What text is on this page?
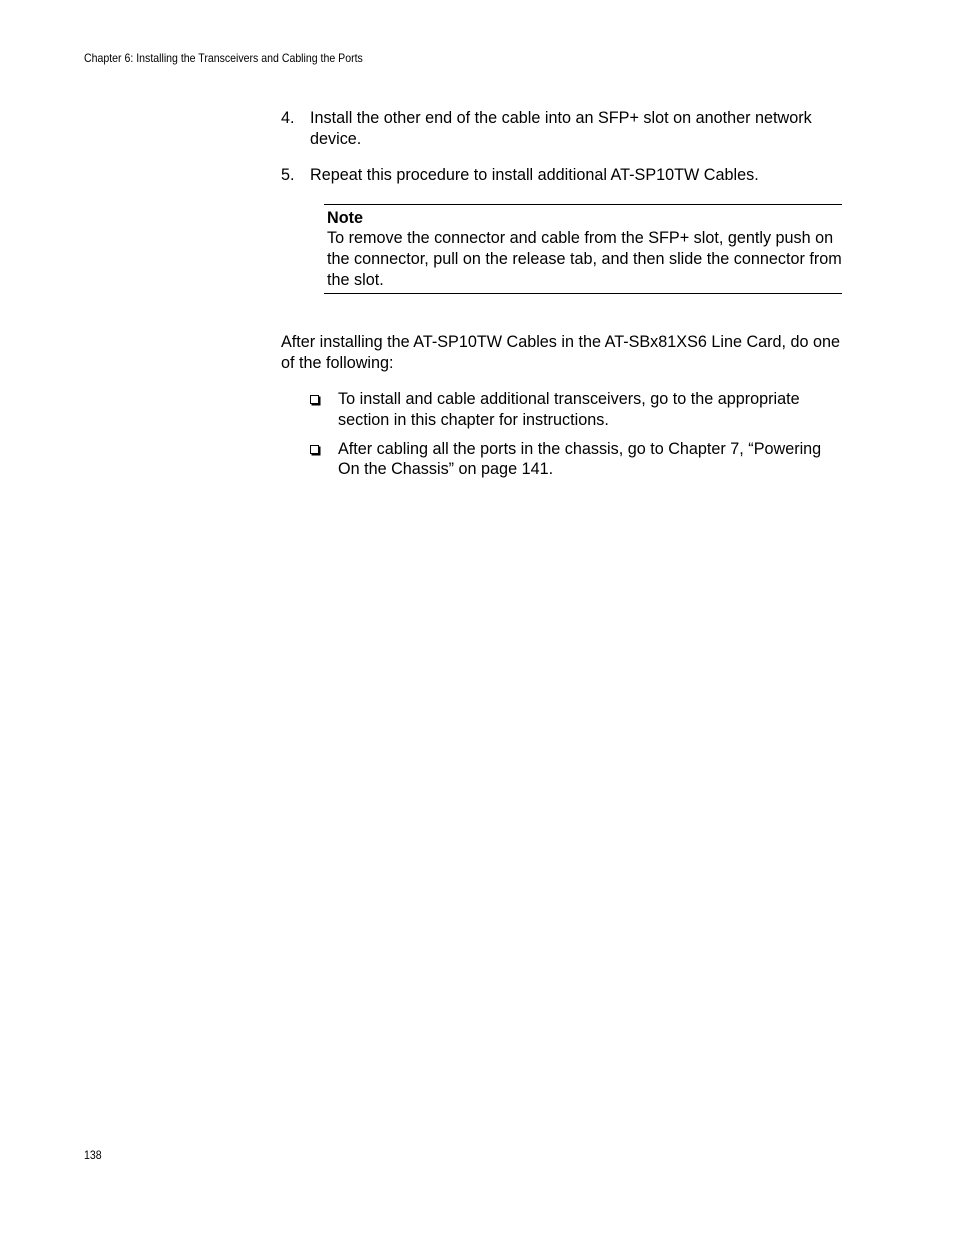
Chapter 6: Installing the Transceivers and Cabling the Ports
4. Install the other end of the cable into an SFP+ slot on another network device.
5. Repeat this procedure to install additional AT-SP10TW Cables.
Note
To remove the connector and cable from the SFP+ slot, gently push on the connector, pull on the release tab, and then slide the connector from the slot.

After installing the AT-SP10TW Cables in the AT-SBx81XS6 Line Card, do one of the following:

To install and cable additional transceivers, go to the appropriate section in this chapter for instructions.
After cabling all the ports in the chassis, go to Chapter 7, “Powering On the Chassis” on page 141.
138
